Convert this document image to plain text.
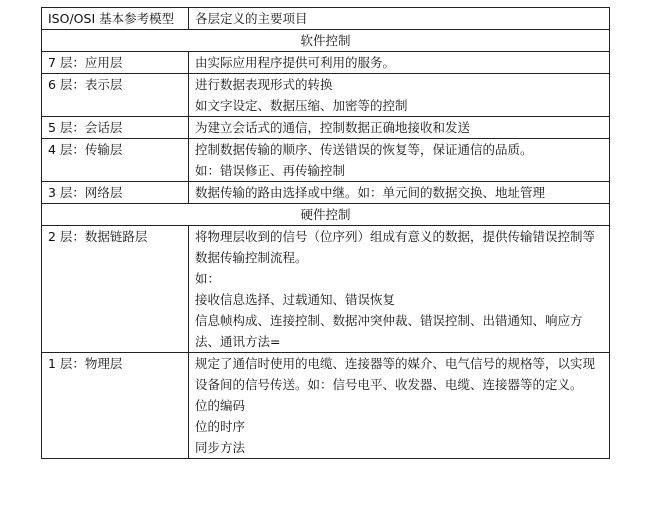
ISO/OSI 基本参考模型	各层定义的主要项目
软件控制	
7 层：应用层	由实际应用程序提供可利用的服务。

6 层：表示层	进行数据表现形式的转换
如文字设定、数据压缩、加密等的控制

5 层：会话层	为建立会话式的通信，控制数据正确地接收和发送

4 层：传输层	控制数据传输的顺序、传送错误的恢复等，保证通信的品质。
如：错误修正、再传输控制

3 层：网络层	数据传输的路由选择或中继。如：单元间的数据交换、地址管理

硬件控制	
2 层：数据链路层	将物理层收到的信号（位序列）组成有意义的数据，提供传输错误控制等数据传输控制流程。
如：
接收信息选择、过载通知、错误恢复
信息帧构成、连接控制、数据冲突仲裁、错误控制、出错通知、响应方法、通讯方法=

1 层：物理层	规定了通信时使用的电缆、连接器等的媒介、电气信号的规格等，以实现设备间的信号传送。如：信号电平、收发器、电缆、连接器等的定义。
位的编码
位的时序
同步方法
